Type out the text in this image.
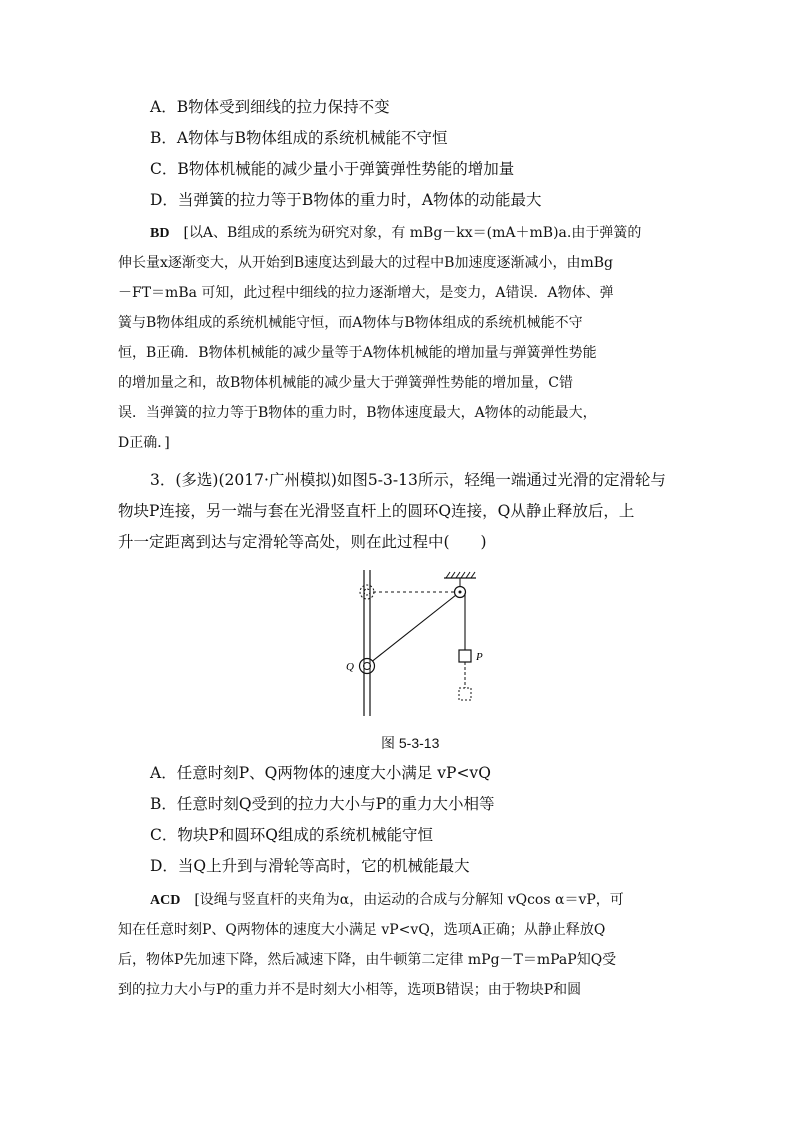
A．B物体受到细线的拉力保持不变
B．A物体与B物体组成的系统机械能不守恒
C．B物体机械能的减少量小于弹簧弹性势能的增加量
D．当弹簧的拉力等于B物体的重力时，A物体的动能最大
BD  [以A、B组成的系统为研究对象，有 mBg－kx＝(mA＋mB)a.由于弹簧的
伸长量x逐渐变大，从开始到B速度达到最大的过程中B加速度逐渐减小，由mBg
－FT＝mBa 可知，此过程中细线的拉力逐渐增大，是变力，A错误．A物体、弹
簧与B物体组成的系统机械能守恒，而A物体与B物体组成的系统机械能不守
恒，B正确．B物体机械能的减少量等于A物体机械能的增加量与弹簧弹性势能
的增加量之和，故B物体机械能的减少量大于弹簧弹性势能的增加量，C错
误．当弹簧的拉力等于B物体的重力时，B物体速度最大，A物体的动能最大，
D正确．]
3．(多选)(2017·广州模拟)如图5-3-13所示，轻绳一端通过光滑的定滑轮与
物块P连接，另一端与套在光滑竖直杆上的圆环Q连接，Q从静止释放后，上
升一定距离到达与定滑轮等高处，则在此过程中(　　)
Q
P
图 5-3-13
A．任意时刻P、Q两物体的速度大小满足 vP<vQ
B．任意时刻Q受到的拉力大小与P的重力大小相等
C．物块P和圆环Q组成的系统机械能守恒
D．当Q上升到与滑轮等高时，它的机械能最大
ACD  [设绳与竖直杆的夹角为α，由运动的合成与分解知 vQcos α＝vP，可
知在任意时刻P、Q两物体的速度大小满足 vP<vQ，选项A正确；从静止释放Q
后，物体P先加速下降，然后减速下降，由牛顿第二定律 mPg－T＝mPaP知Q受
到的拉力大小与P的重力并不是时刻大小相等，选项B错误；由于物块P和圆
